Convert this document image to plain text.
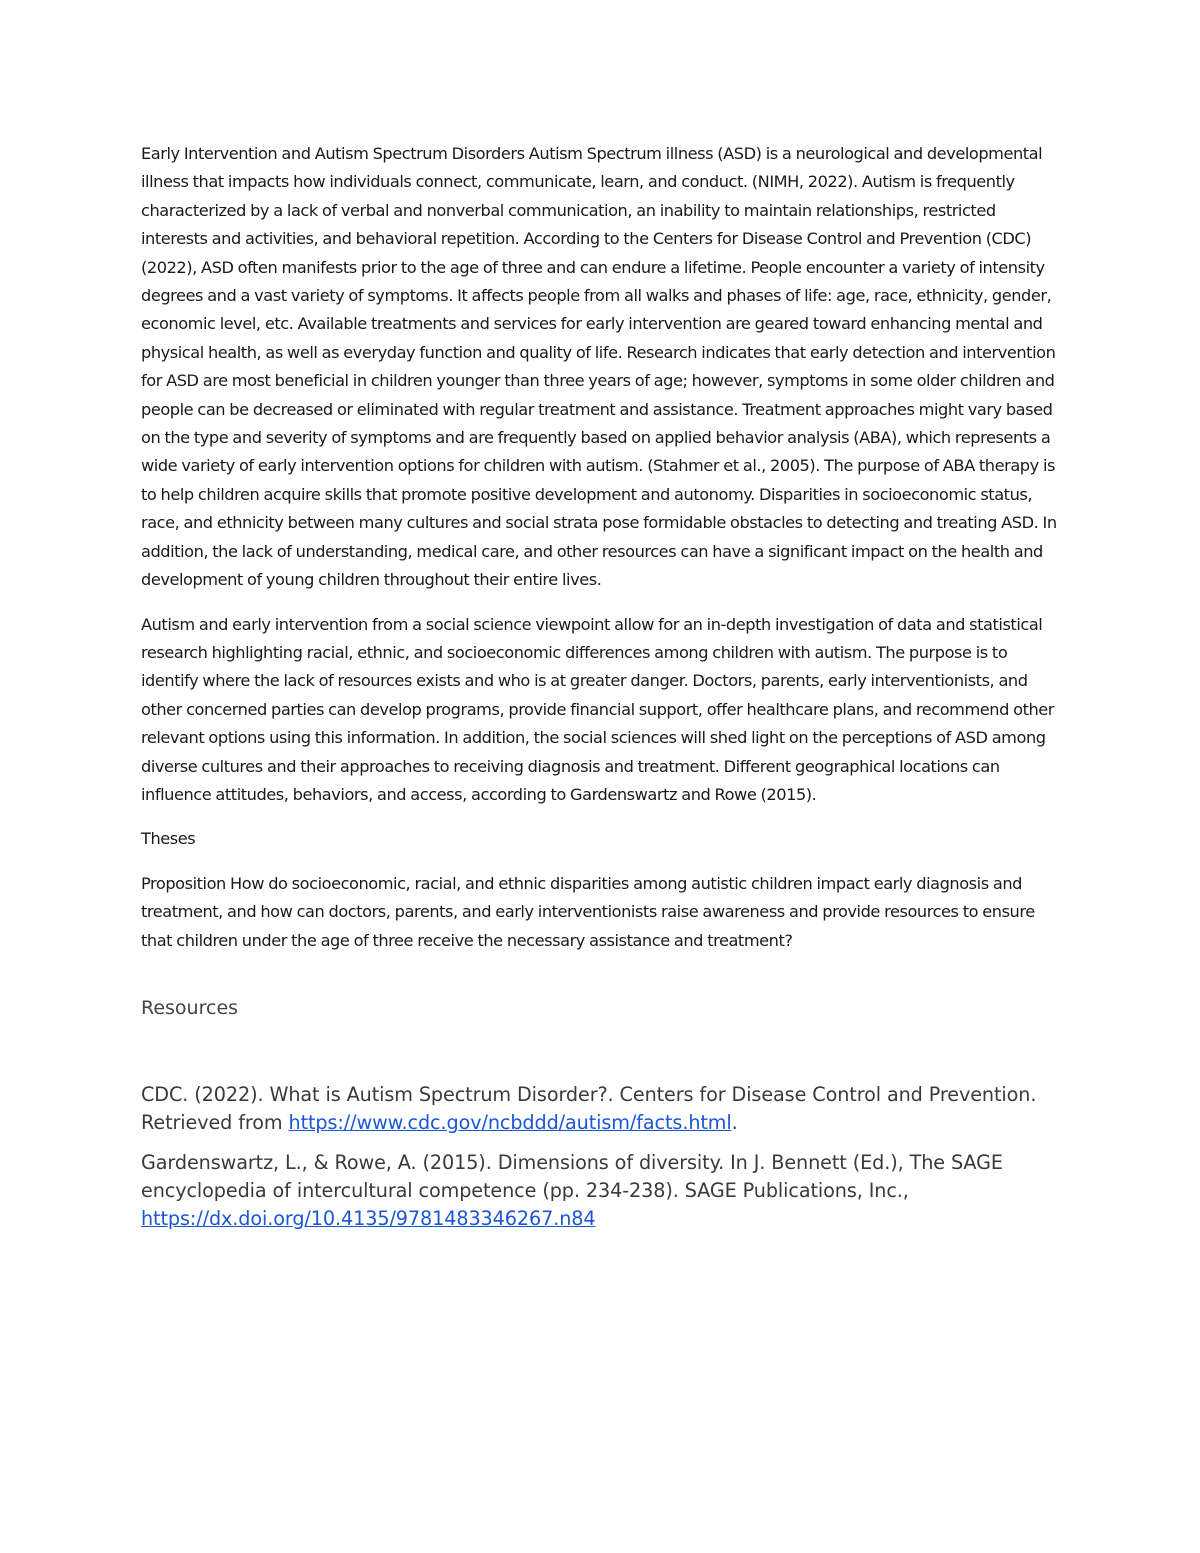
Early Intervention and Autism Spectrum Disorders Autism Spectrum illness (ASD) is a neurological and developmental illness that impacts how individuals connect, communicate, learn, and conduct. (NIMH, 2022). Autism is frequently characterized by a lack of verbal and nonverbal communication, an inability to maintain relationships, restricted interests and activities, and behavioral repetition. According to the Centers for Disease Control and Prevention (CDC) (2022), ASD often manifests prior to the age of three and can endure a lifetime. People encounter a variety of intensity degrees and a vast variety of symptoms. It affects people from all walks and phases of life: age, race, ethnicity, gender, economic level, etc. Available treatments and services for early intervention are geared toward enhancing mental and physical health, as well as everyday function and quality of life. Research indicates that early detection and intervention for ASD are most beneficial in children younger than three years of age; however, symptoms in some older children and people can be decreased or eliminated with regular treatment and assistance. Treatment approaches might vary based on the type and severity of symptoms and are frequently based on applied behavior analysis (ABA), which represents a wide variety of early intervention options for children with autism. (Stahmer et al., 2005). The purpose of ABA therapy is to help children acquire skills that promote positive development and autonomy. Disparities in socioeconomic status, race, and ethnicity between many cultures and social strata pose formidable obstacles to detecting and treating ASD. In addition, the lack of understanding, medical care, and other resources can have a significant impact on the health and development of young children throughout their entire lives.

Autism and early intervention from a social science viewpoint allow for an in-depth investigation of data and statistical research highlighting racial, ethnic, and socioeconomic differences among children with autism. The purpose is to identify where the lack of resources exists and who is at greater danger. Doctors, parents, early interventionists, and other concerned parties can develop programs, provide financial support, offer healthcare plans, and recommend other relevant options using this information. In addition, the social sciences will shed light on the perceptions of ASD among diverse cultures and their approaches to receiving diagnosis and treatment. Different geographical locations can influence attitudes, behaviors, and access, according to Gardenswartz and Rowe (2015).

Theses

Proposition How do socioeconomic, racial, and ethnic disparities among autistic children impact early diagnosis and treatment, and how can doctors, parents, and early interventionists raise awareness and provide resources to ensure that children under the age of three receive the necessary assistance and treatment?

Resources

CDC. (2022). What is Autism Spectrum Disorder?. Centers for Disease Control and Prevention. Retrieved from https://www.cdc.gov/ncbddd/autism/facts.html.

Gardenswartz, L., & Rowe, A. (2015). Dimensions of diversity. In J. Bennett (Ed.), The SAGE encyclopedia of intercultural competence (pp. 234-238). SAGE Publications, Inc., https://dx.doi.org/10.4135/9781483346267.n84
